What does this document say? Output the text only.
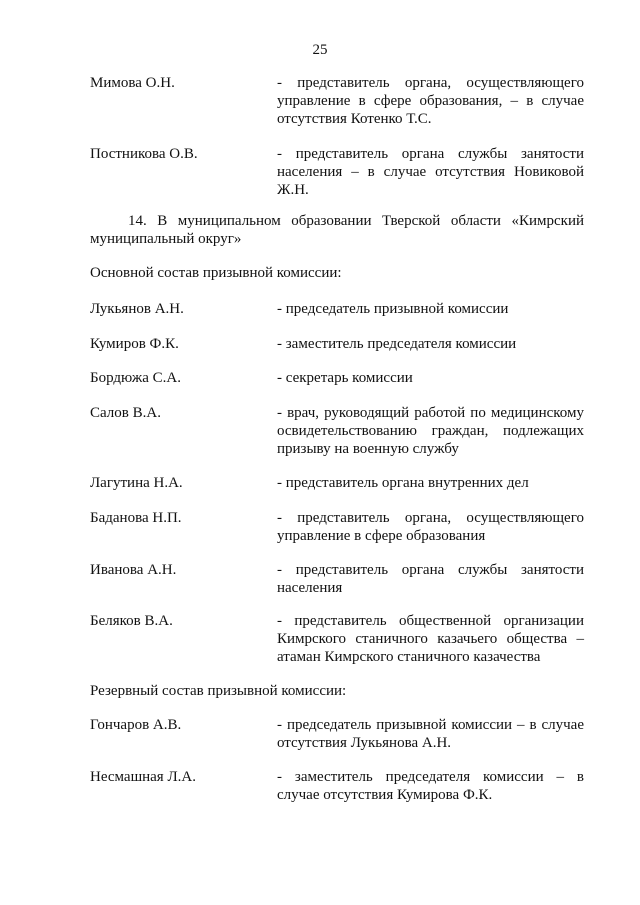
25
Мимова О.Н.	- представитель органа, осуществляющего управление в сфере образования, – в случае отсутствия Котенко Т.С.
Постникова О.В.	- представитель органа службы занятости населения – в случае отсутствия Новиковой Ж.Н.
14. В муниципальном образовании Тверской области «Кимрский муниципальный округ»
Основной состав призывной комиссии:
Лукьянов А.Н.	- председатель призывной комиссии
Кумиров Ф.К.	- заместитель председателя комиссии
Бордюжа С.А.	- секретарь комиссии
Салов В.А.	- врач, руководящий работой по медицинскому освидетельствованию граждан, подлежащих призыву на военную службу
Лагутина Н.А.	- представитель органа внутренних дел
Баданова Н.П.	- представитель органа, осуществляющего управление в сфере образования
Иванова А.Н.	- представитель органа службы занятости населения
Беляков В.А.	- представитель общественной организации Кимрского станичного казачьего общества – атаман Кимрского станичного казачества
Резервный состав призывной комиссии:
Гончаров А.В.	- председатель призывной комиссии – в случае отсутствия Лукьянова А.Н.
Несмашная Л.А.	- заместитель председателя комиссии – в случае отсутствия Кумирова Ф.К.
